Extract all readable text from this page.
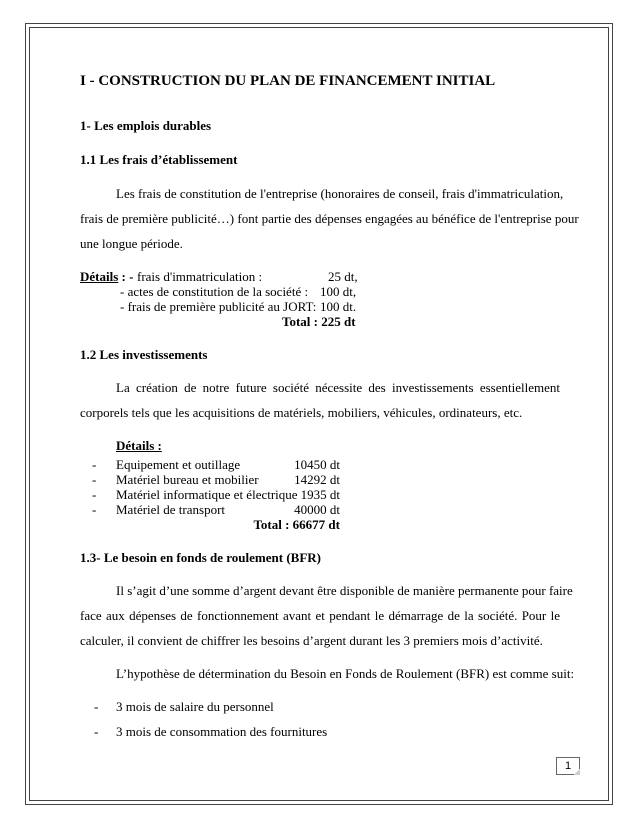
I - CONSTRUCTION DU PLAN DE FINANCEMENT INITIAL
1- Les emplois durables
1.1 Les frais d’établissement
Les frais de constitution de l'entreprise (honoraires de conseil, frais d'immatriculation,
frais de première publicité…) font partie des dépenses engagées au bénéfice de l'entreprise pour
une longue période.
Détails : - frais d'immatriculation :	25 dt,
- actes de constitution de la société : 100 dt,
- frais de première publicité au JORT: 100 dt.
Total : 225 dt
1.2 Les investissements
La création de notre future société nécessite des investissements essentiellement
corporels tels que les acquisitions de matériels, mobiliers, véhicules, ordinateurs, etc.
Détails :
- Equipement et outillage	10450 dt
- Matériel bureau et mobilier	14292 dt
- Matériel informatique et électrique 1935 dt
- Matériel de transport	40000 dt
Total : 66677 dt
1.3- Le besoin en fonds de roulement (BFR)
Il s’agit d’une somme d’argent devant être disponible de manière permanente pour faire
face aux dépenses de fonctionnement avant et pendant le démarrage de la société. Pour le
calculer, il convient de chiffrer les besoins d’argent durant les 3 premiers mois d’activité.
L’hypothèse de détermination du Besoin en Fonds de Roulement (BFR) est comme suit:
- 3 mois de salaire du personnel
- 3 mois de consommation des fournitures
1
